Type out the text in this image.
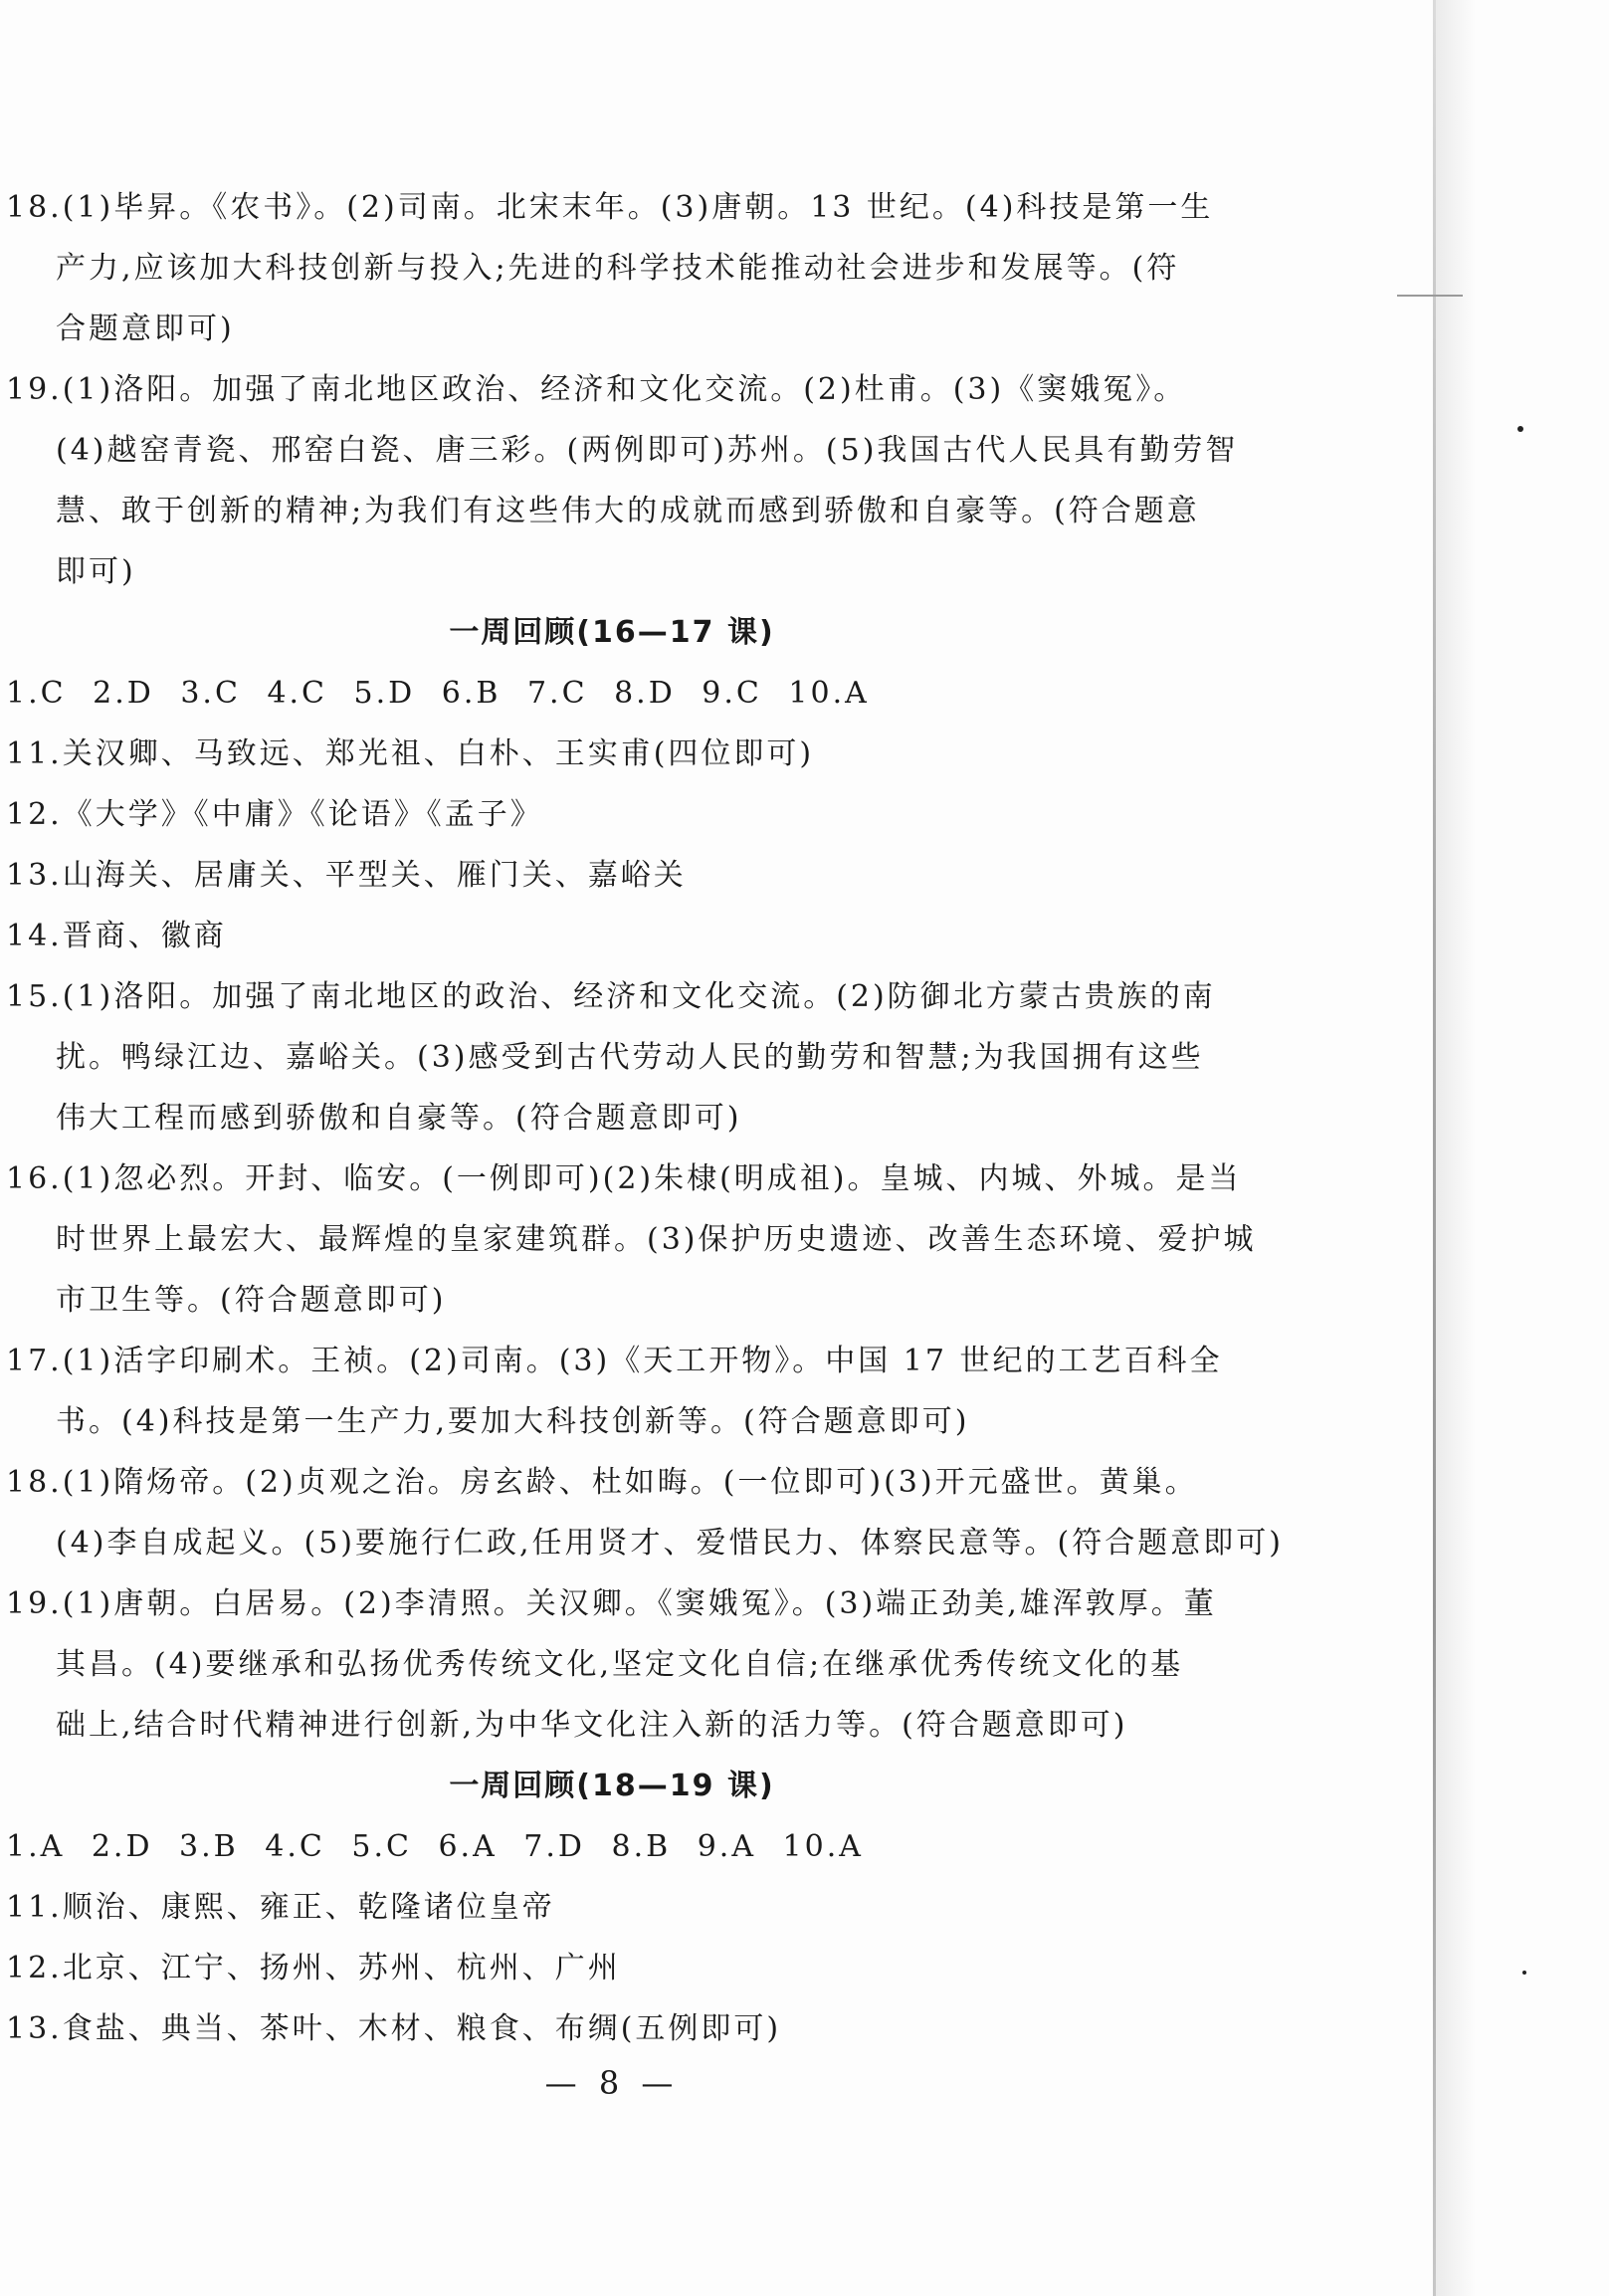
18.(1)毕昇。《农书》。(2)司南。北宋末年。(3)唐朝。13 世纪。(4)科技是第一生
产力,应该加大科技创新与投入;先进的科学技术能推动社会进步和发展等。(符
合题意即可)
19.(1)洛阳。加强了南北地区政治、经济和文化交流。(2)杜甫。(3)《窦娥冤》。
(4)越窑青瓷、邢窑白瓷、唐三彩。(两例即可)苏州。(5)我国古代人民具有勤劳智
慧、敢于创新的精神;为我们有这些伟大的成就而感到骄傲和自豪等。(符合题意
即可)
一周回顾(16—17 课)
1.C 2.D 3.C 4.C 5.D 6.B 7.C 8.D 9.C 10.A
11.关汉卿、马致远、郑光祖、白朴、王实甫(四位即可)
12.《大学》《中庸》《论语》《孟子》
13.山海关、居庸关、平型关、雁门关、嘉峪关
14.晋商、徽商
15.(1)洛阳。加强了南北地区的政治、经济和文化交流。(2)防御北方蒙古贵族的南
扰。鸭绿江边、嘉峪关。(3)感受到古代劳动人民的勤劳和智慧;为我国拥有这些
伟大工程而感到骄傲和自豪等。(符合题意即可)
16.(1)忽必烈。开封、临安。(一例即可)(2)朱棣(明成祖)。皇城、内城、外城。是当
时世界上最宏大、最辉煌的皇家建筑群。(3)保护历史遗迹、改善生态环境、爱护城
市卫生等。(符合题意即可)
17.(1)活字印刷术。王祯。(2)司南。(3)《天工开物》。中国 17 世纪的工艺百科全
书。(4)科技是第一生产力,要加大科技创新等。(符合题意即可)
18.(1)隋炀帝。(2)贞观之治。房玄龄、杜如晦。(一位即可)(3)开元盛世。黄巢。
(4)李自成起义。(5)要施行仁政,任用贤才、爱惜民力、体察民意等。(符合题意即可)
19.(1)唐朝。白居易。(2)李清照。关汉卿。《窦娥冤》。(3)端正劲美,雄浑敦厚。董
其昌。(4)要继承和弘扬优秀传统文化,坚定文化自信;在继承优秀传统文化的基
础上,结合时代精神进行创新,为中华文化注入新的活力等。(符合题意即可)
一周回顾(18—19 课)
1.A 2.D 3.B 4.C 5.C 6.A 7.D 8.B 9.A 10.A
11.顺治、康熙、雍正、乾隆诸位皇帝
12.北京、江宁、扬州、苏州、杭州、广州
13.食盐、典当、茶叶、木材、粮食、布绸(五例即可)
— 8 —
